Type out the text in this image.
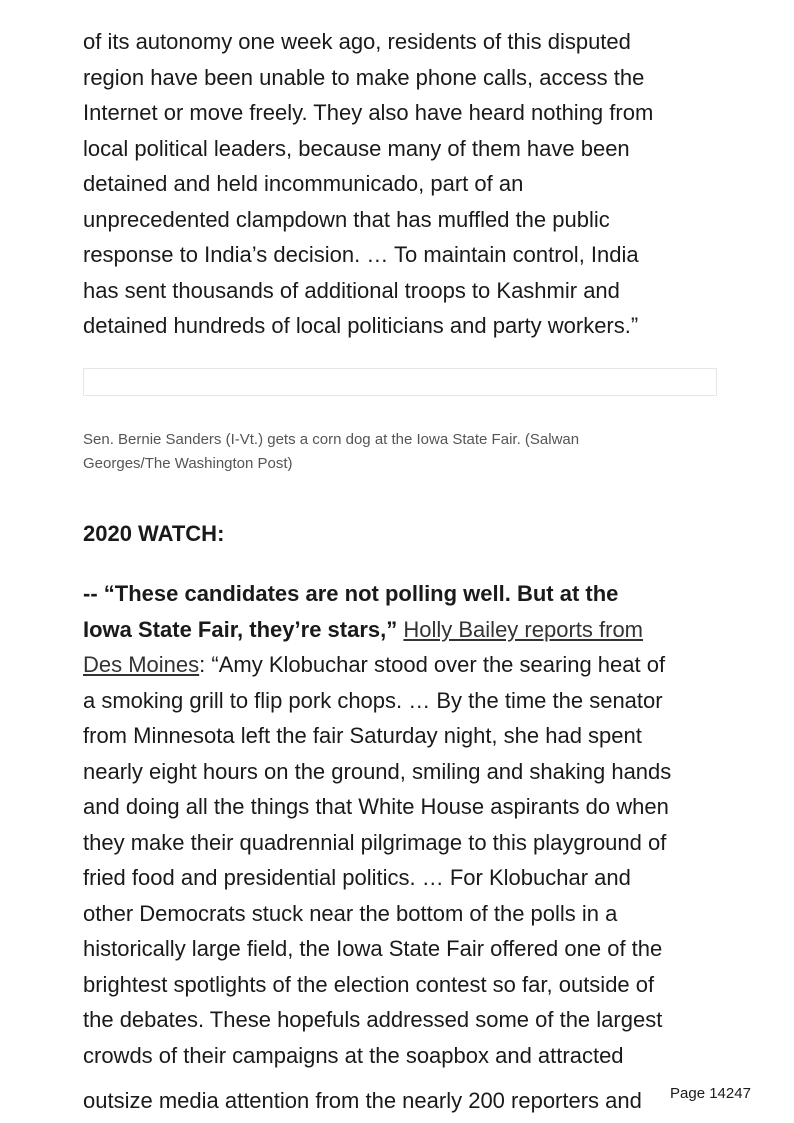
of its autonomy one week ago, residents of this disputed
region have been unable to make phone calls, access the
Internet or move freely. They also have heard nothing from
local political leaders, because many of them have been
detained and held incommunicado, part of an
unprecedented clampdown that has muffled the public
response to India’s decision. … To maintain control, India
has sent thousands of additional troops to Kashmir and
detained hundreds of local politicians and party workers.”
Sen. Bernie Sanders (I-Vt.) gets a corn dog at the Iowa State Fair. (Salwan
Georges/The Washington Post)
2020 WATCH:
-- “These candidates are not polling well. But at the
Iowa State Fair, they’re stars,” Holly Bailey reports from
Des Moines: “Amy Klobuchar stood over the searing heat of
a smoking grill to flip pork chops. … By the time the senator
from Minnesota left the fair Saturday night, she had spent
nearly eight hours on the ground, smiling and shaking hands
and doing all the things that White House aspirants do when
they make their quadrennial pilgrimage to this playground of
fried food and presidential politics. … For Klobuchar and
other Democrats stuck near the bottom of the polls in a
historically large field, the Iowa State Fair offered one of the
brightest spotlights of the election contest so far, outside of
the debates. These hopefuls addressed some of the largest
crowds of their campaigns at the soapbox and attracted
outsize media attention from the nearly 200 reporters and Page 14247
